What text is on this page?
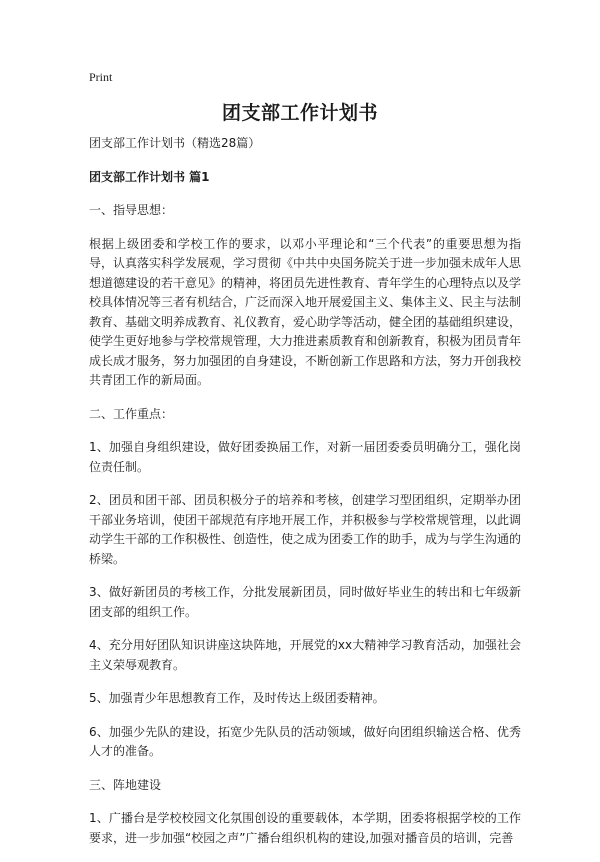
Print
团支部工作计划书

团支部工作计划书（精选28篇）

团支部工作计划书 篇1

一、指导思想：

根据上级团委和学校工作的要求，以邓小平理论和“三个代表”的重要思想为指导，认真落实科学发展观，学习贯彻《中共中央国务院关于进一步加强未成年人思想道德建设的若干意见》的精神，将团员先进性教育、青年学生的心理特点以及学校具体情况等三者有机结合，广泛而深入地开展爱国主义、集体主义、民主与法制教育、基础文明养成教育、礼仪教育，爱心助学等活动，健全团的基础组织建设，使学生更好地参与学校常规管理，大力推进素质教育和创新教育，积极为团员青年成长成才服务，努力加强团的自身建设，不断创新工作思路和方法，努力开创我校共青团工作的新局面。

二、工作重点：

1、加强自身组织建设，做好团委换届工作，对新一届团委委员明确分工，强化岗位责任制。

2、团员和团干部、团员积极分子的培养和考核，创建学习型团组织，定期举办团干部业务培训，使团干部规范有序地开展工作，并积极参与学校常规管理，以此调动学生干部的工作积极性、创造性，使之成为团委工作的助手，成为与学生沟通的桥梁。

3、做好新团员的考核工作，分批发展新团员，同时做好毕业生的转出和七年级新团支部的组织工作。

4、充分用好团队知识讲座这块阵地，开展党的xx大精神学习教育活动，加强社会主义荣辱观教育。

5、加强青少年思想教育工作，及时传达上级团委精神。

6、加强少先队的建设，拓宽少先队员的活动领域，做好向团组织输送合格、优秀人才的准备。

三、阵地建设

1、广播台是学校校园文化氛围创设的重要载体，本学期，团委将根据学校的工作要求，进一步加强“校园之声”广播台组织机构的建设,加强对播音员的培训，完善
